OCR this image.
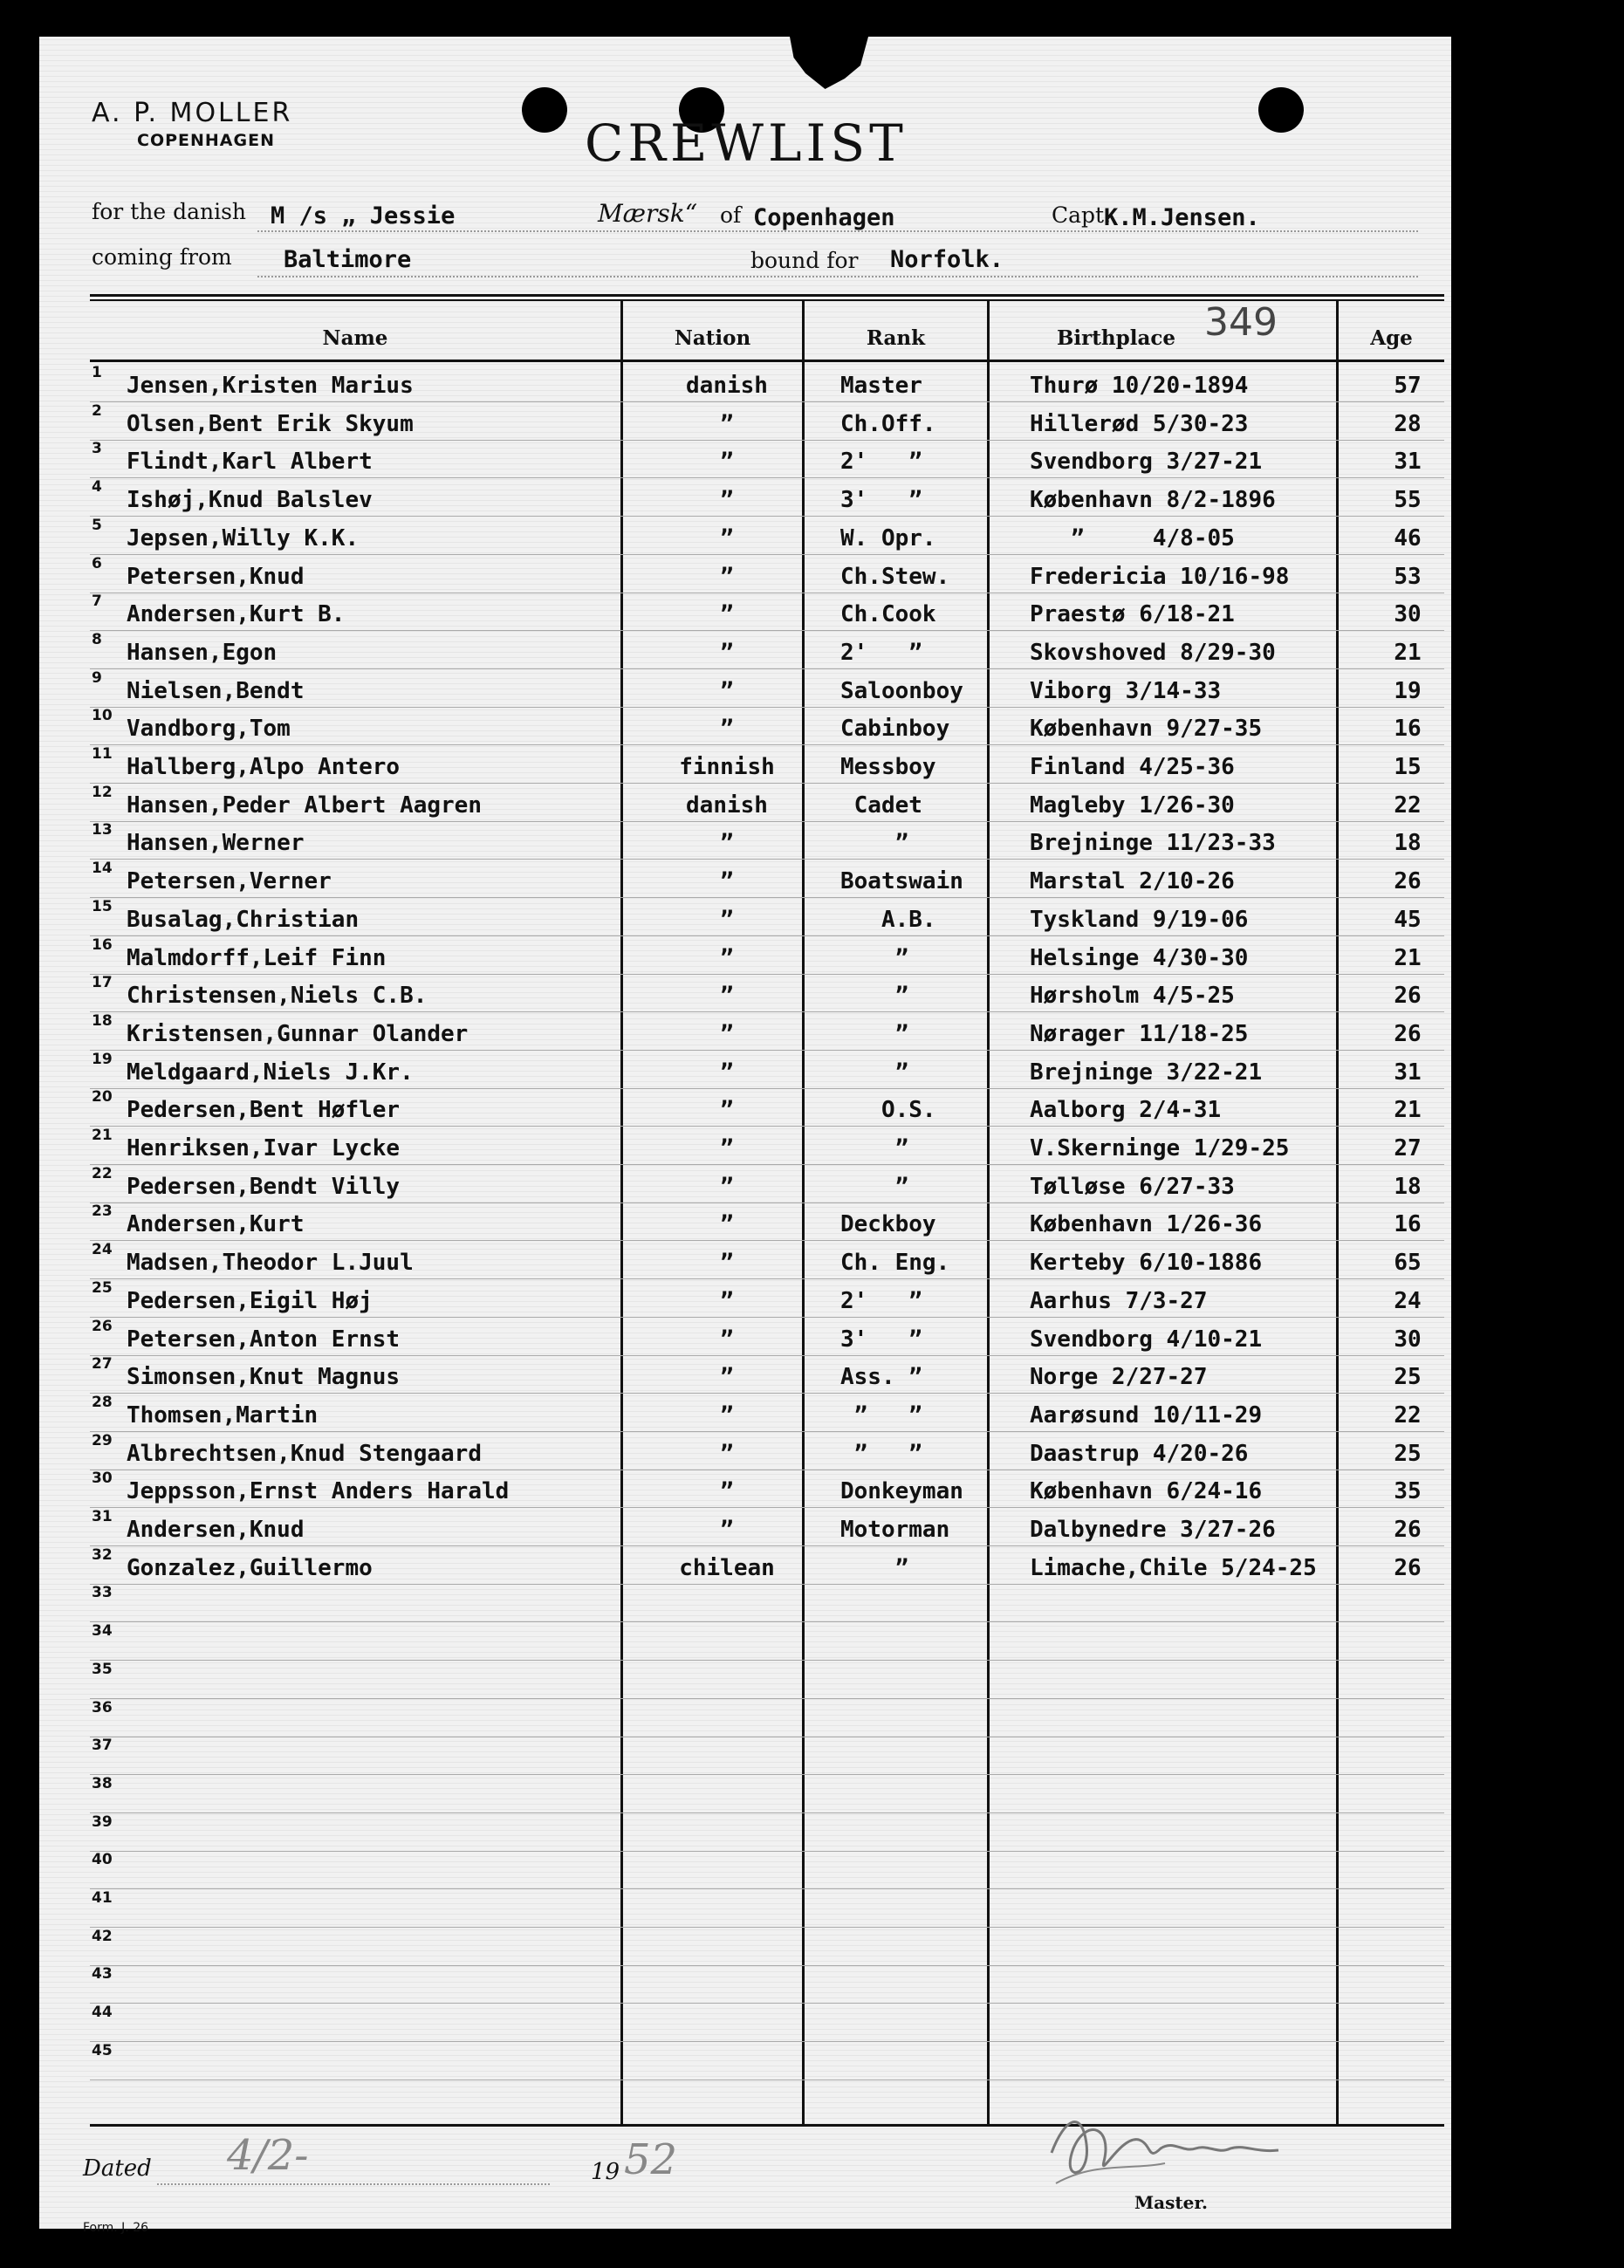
A. P. MOLLER
COPENHAGEN	CREWLIST
for the danish M /s „ Jessie	Mærsk“ of Copenhagen	Capt.
K.M.Jensen.
coming from Baltimore	bound for Norfolk.
Name	Nation	Rank	Birthplace 349	Age
1 Jensen,Kristen Marius	danish	Master	Thurø 10/20-1894	57
2 Olsen,Bent Erik Skyum	”	Ch.Off.	Hillerød 5/30-23	28
3 Flindt,Karl Albert	”	2'   ”	Svendborg 3/27-21	31
4 Ishøj,Knud Balslev	”	3'   ”	København 8/2-1896	55
5 Jepsen,Willy K.K.	”	W. Opr.	”     4/8-05	46
6 Petersen,Knud	”	Ch.Stew.	Fredericia 10/16-98	53
7 Andersen,Kurt B.	”	Ch.Cook	Praestø 6/18-21	30
8 Hansen,Egon	”	2'   ”	Skovshoved 8/29-30	21
9 Nielsen,Bendt	”	Saloonboy	Viborg 3/14-33	19
10 Vandborg,Tom	”	Cabinboy	København 9/27-35	16
11 Hallberg,Alpo Antero	finnish	Messboy	Finland 4/25-36	15
12 Hansen,Peder Albert Aagren	danish	Cadet	Magleby 1/26-30	22
13 Hansen,Werner	”	”	Brejninge 11/23-33	18
14 Petersen,Verner	”	Boatswain	Marstal 2/10-26	26
15 Busalag,Christian	”	A.B.	Tyskland 9/19-06	45
16 Malmdorff,Leif Finn	”	”	Helsinge 4/30-30	21
17 Christensen,Niels C.B.	”	”	Hørsholm 4/5-25	26
18 Kristensen,Gunnar Olander	”	”	Nørager 11/18-25	26
19 Meldgaard,Niels J.Kr.	”	”	Brejninge 3/22-21	31
20 Pedersen,Bent Høfler	”	O.S.	Aalborg 2/4-31	21
21 Henriksen,Ivar Lycke	”	”	V.Skerninge 1/29-25	27
22 Pedersen,Bendt Villy	”	”	Tølløse 6/27-33	18
23 Andersen,Kurt	”	Deckboy	København 1/26-36	16
24 Madsen,Theodor L.Juul	”	Ch. Eng.	Kerteby 6/10-1886	65
25 Pedersen,Eigil Høj	”	2'   ”	Aarhus 7/3-27	24
26 Petersen,Anton Ernst	”	3'   ”	Svendborg 4/10-21	30
27 Simonsen,Knut Magnus	”	Ass. ”	Norge 2/27-27	25
28 Thomsen,Martin	”	”   ”	Aarøsund 10/11-29	22
29 Albrechtsen,Knud Stengaard	”	”   ”	Daastrup 4/20-26	25
30 Jeppsson,Ernst Anders Harald	”	Donkeyman	København 6/24-16	35
31 Andersen,Knud	”	Motorman	Dalbynedre 3/27-26	26
32 Gonzalez,Guillermo	chilean	”	Limache,Chile 5/24-25	26
33
34
35
36
37
38
39
40
41
42
43
44
45
Dated 4/2-	19 52
Master.
Form. J. 26
